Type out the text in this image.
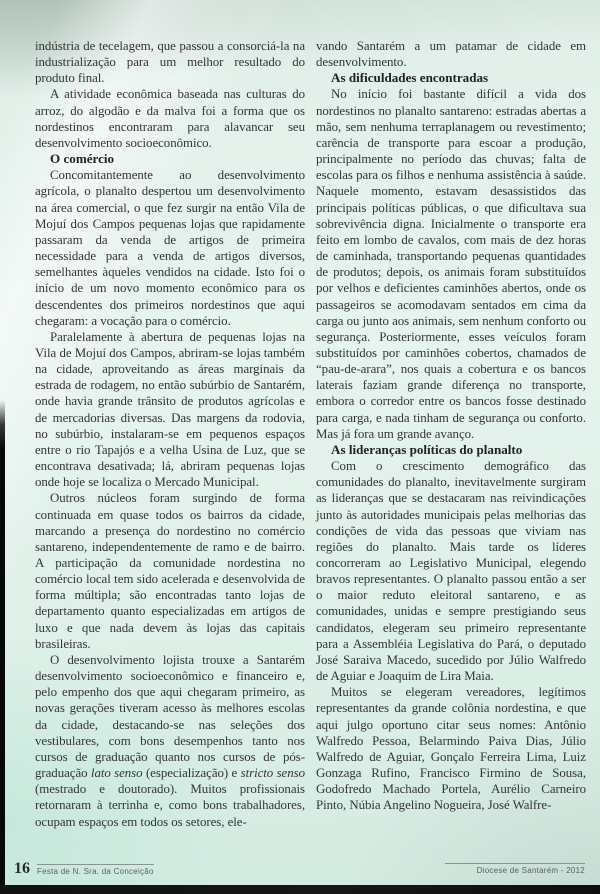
indústria de tecelagem, que passou a consorciá-la na industrialização para um melhor resultado do produto final.

A atividade econômica baseada nas culturas do arroz, do algodão e da malva foi a forma que os nordestinos encontraram para alavancar seu desenvolvimento socioeconômico.

O comércio

Concomitantemente ao desenvolvimento agrícola, o planalto despertou um desenvolvimento na área comercial, o que fez surgir na então Vila de Mojuí dos Campos pequenas lojas que rapidamente passaram da venda de artigos de primeira necessidade para a venda de artigos diversos, semelhantes àqueles vendidos na cidade. Isto foi o início de um novo momento econômico para os descendentes dos primeiros nordestinos que aqui chegaram: a vocação para o comércio.

Paralelamente à abertura de pequenas lojas na Vila de Mojuí dos Campos, abriram-se lojas também na cidade, aproveitando as áreas marginais da estrada de rodagem, no então subúrbio de Santarém, onde havia grande trânsito de produtos agrícolas e de mercadorias diversas. Das margens da rodovia, no subúrbio, instalaram-se em pequenos espaços entre o rio Tapajós e a velha Usina de Luz, que se encontrava desativada; lá, abriram pequenas lojas onde hoje se localiza o Mercado Municipal.

Outros núcleos foram surgindo de forma continuada em quase todos os bairros da cidade, marcando a presença do nordestino no comércio santareno, independentemente de ramo e de bairro. A participação da comunidade nordestina no comércio local tem sido acelerada e desenvolvida de forma múltipla; são encontradas tanto lojas de departamento quanto especializadas em artigos de luxo e que nada devem às lojas das capitais brasileiras.

O desenvolvimento lojista trouxe a Santarém desenvolvimento socioeconômico e financeiro e, pelo empenho dos que aqui chegaram primeiro, as novas gerações tiveram acesso às melhores escolas da cidade, destacando-se nas seleções dos vestibulares, com bons desempenhos tanto nos cursos de graduação quanto nos cursos de pós-graduação lato senso (especialização) e stricto senso (mestrado e doutorado). Muitos profissionais retornaram à terrinha e, como bons trabalhadores, ocupam espaços em todos os setores, ele-

vando Santarém a um patamar de cidade em desenvolvimento.

As dificuldades encontradas

No início foi bastante difícil a vida dos nordestinos no planalto santareno: estradas abertas a mão, sem nenhuma terraplanagem ou revestimento; carência de transporte para escoar a produção, principalmente no período das chuvas; falta de escolas para os filhos e nenhuma assistência à saúde. Naquele momento, estavam desassistidos das principais políticas públicas, o que dificultava sua sobrevivência digna. Inicialmente o transporte era feito em lombo de cavalos, com mais de dez horas de caminhada, transportando pequenas quantidades de produtos; depois, os animais foram substituídos por velhos e deficientes caminhões abertos, onde os passageiros se acomodavam sentados em cima da carga ou junto aos animais, sem nenhum conforto ou segurança. Posteriormente, esses veículos foram substituídos por caminhões cobertos, chamados de “pau-de-arara”, nos quais a cobertura e os bancos laterais faziam grande diferença no transporte, embora o corredor entre os bancos fosse destinado para carga, e nada tinham de segurança ou conforto. Mas já fora um grande avanço.

As lideranças políticas do planalto

Com o crescimento demográfico das comunidades do planalto, inevitavelmente surgiram as lideranças que se destacaram nas reivindicações junto às autoridades municipais pelas melhorias das condições de vida das pessoas que viviam nas regiões do planalto. Mais tarde os líderes concorreram ao Legislativo Municipal, elegendo bravos representantes. O planalto passou então a ser o maior reduto eleitoral santareno, e as comunidades, unidas e sempre prestigiando seus candidatos, elegeram seu primeiro representante para a Assembléia Legislativa do Pará, o deputado José Saraiva Macedo, sucedido por Júlio Walfredo de Aguiar e Joaquim de Lira Maia.

Muitos se elegeram vereadores, legítimos representantes da grande colônia nordestina, e que aqui julgo oportuno citar seus nomes: Antônio Walfredo Pessoa, Belarmindo Paiva Dias, Júlio Walfredo de Aguiar, Gonçalo Ferreira Lima, Luiz Gonzaga Rufino, Francisco Firmino de Sousa, Godofredo Machado Portela, Aurélio Carneiro Pinto, Núbia Angelino Nogueira, José Walfre-

16 Festa de N. Sra. da Conceição	Diocese de Santarém - 2012
